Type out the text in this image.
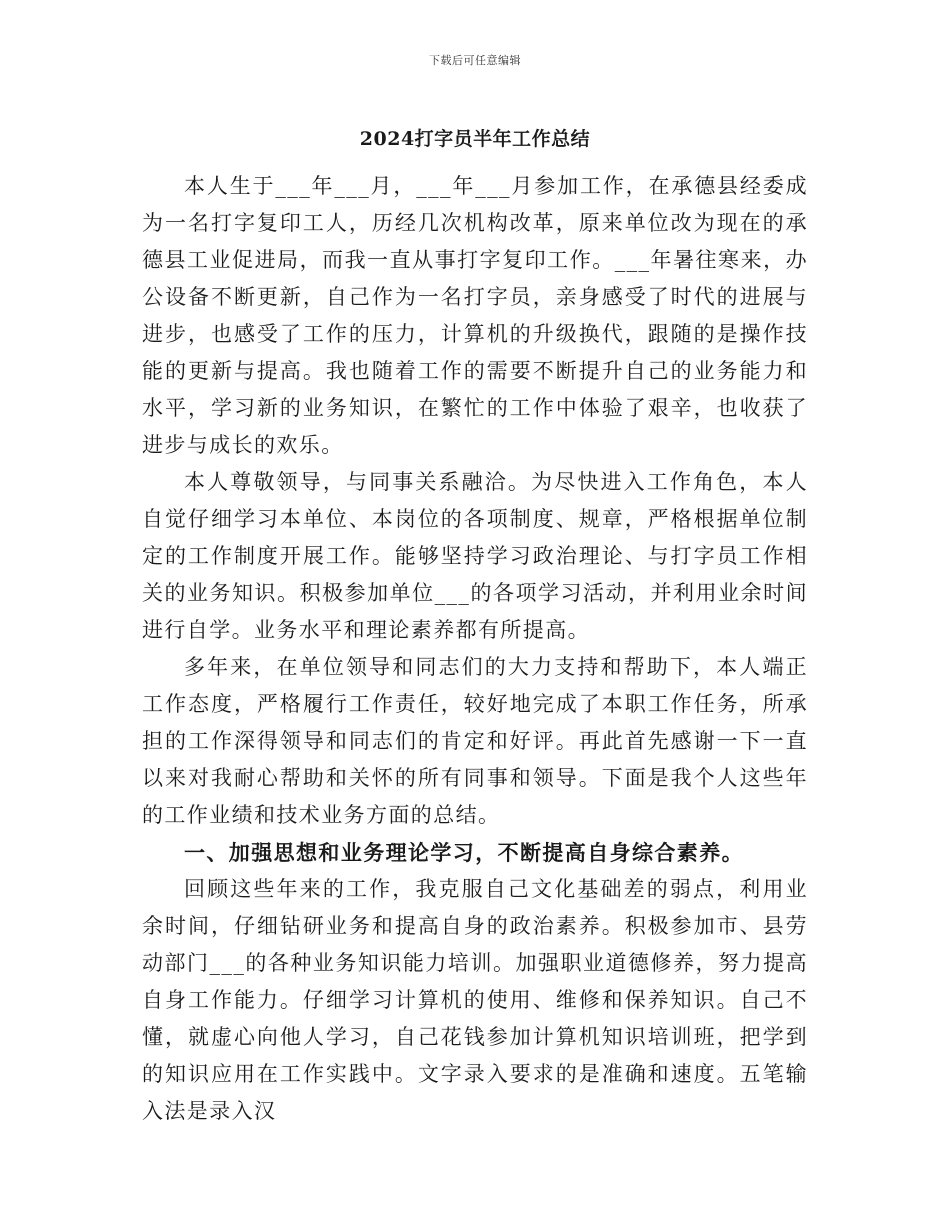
下载后可任意编辑
2024打字员半年工作总结

本人生于___年___月，___年___月参加工作，在承德县经委成为一名打字复印工人，历经几次机构改革，原来单位改为现在的承德县工业促进局，而我一直从事打字复印工作。___年暑往寒来，办公设备不断更新，自己作为一名打字员，亲身感受了时代的进展与进步，也感受了工作的压力，计算机的升级换代，跟随的是操作技能的更新与提高。我也随着工作的需要不断提升自己的业务能力和水平，学习新的业务知识，在繁忙的工作中体验了艰辛，也收获了进步与成长的欢乐。

本人尊敬领导，与同事关系融洽。为尽快进入工作角色，本人自觉仔细学习本单位、本岗位的各项制度、规章，严格根据单位制定的工作制度开展工作。能够坚持学习政治理论、与打字员工作相关的业务知识。积极参加单位___的各项学习活动，并利用业余时间进行自学。业务水平和理论素养都有所提高。

多年来，在单位领导和同志们的大力支持和帮助下，本人端正工作态度，严格履行工作责任，较好地完成了本职工作任务，所承担的工作深得领导和同志们的肯定和好评。再此首先感谢一下一直以来对我耐心帮助和关怀的所有同事和领导。下面是我个人这些年的工作业绩和技术业务方面的总结。

一、加强思想和业务理论学习，不断提高自身综合素养。

回顾这些年来的工作，我克服自己文化基础差的弱点，利用业余时间，仔细钻研业务和提高自身的政治素养。积极参加市、县劳动部门___的各种业务知识能力培训。加强职业道德修养，努力提高自身工作能力。仔细学习计算机的使用、维修和保养知识。自己不懂，就虚心向他人学习，自己花钱参加计算机知识培训班，把学到的知识应用在工作实践中。文字录入要求的是准确和速度。五笔输入法是录入汉
